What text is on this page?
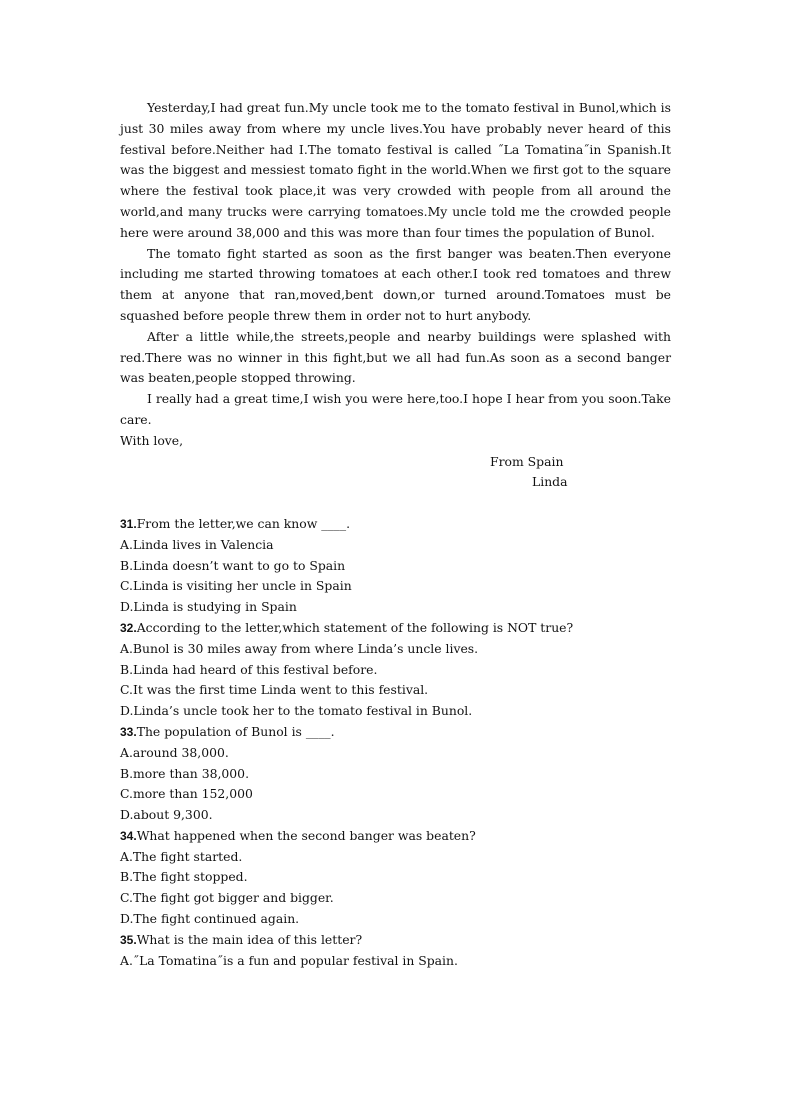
Yesterday,I had great fun.My uncle took me to the tomato festival in Bunol,which is just 30 miles away from where my uncle lives.You have probably never heard of this festival before.Neither had I.The tomato festival is called ˝La Tomatina˝in Spanish.It was the biggest and messiest tomato fight in the world.When we first got to the square where the festival took place,it was very crowded with people from all around the world,and many trucks were carrying tomatoes.My uncle told me the crowded people here were around 38,000 and this was more than four times the population of Bunol.

The tomato fight started as soon as the first banger was beaten.Then everyone including me started throwing tomatoes at each other.I took red tomatoes and threw them at anyone that ran,moved,bent down,or turned around.Tomatoes must be squashed before people threw them in order not to hurt anybody.

After a little while,the streets,people and nearby buildings were splashed with red.There was no winner in this fight,but we all had fun.As soon as a second banger was beaten,people stopped throwing.

I really had a great time,I wish you were here,too.I hope I hear from you soon.Take care.

With love,

From Spain

Linda

31.From the letter,we can know ____.

A.Linda lives in Valencia

B.Linda doesn’t want to go to Spain

C.Linda is visiting her uncle in Spain

D.Linda is studying in Spain

32.According to the letter,which statement of the following is NOT true?

A.Bunol is 30 miles away from where Linda’s uncle lives.

B.Linda had heard of this festival before.

C.It was the first time Linda went to this festival.

D.Linda’s uncle took her to the tomato festival in Bunol.

33.The population of Bunol is ____.

A.around 38,000.

B.more than 38,000.

C.more than 152,000

D.about 9,300.

34.What happened when the second banger was beaten?

A.The fight started.

B.The fight stopped.

C.The fight got bigger and bigger.

D.The fight continued again.

35.What is the main idea of this letter?

A.˝La Tomatina˝is a fun and popular festival in Spain.
